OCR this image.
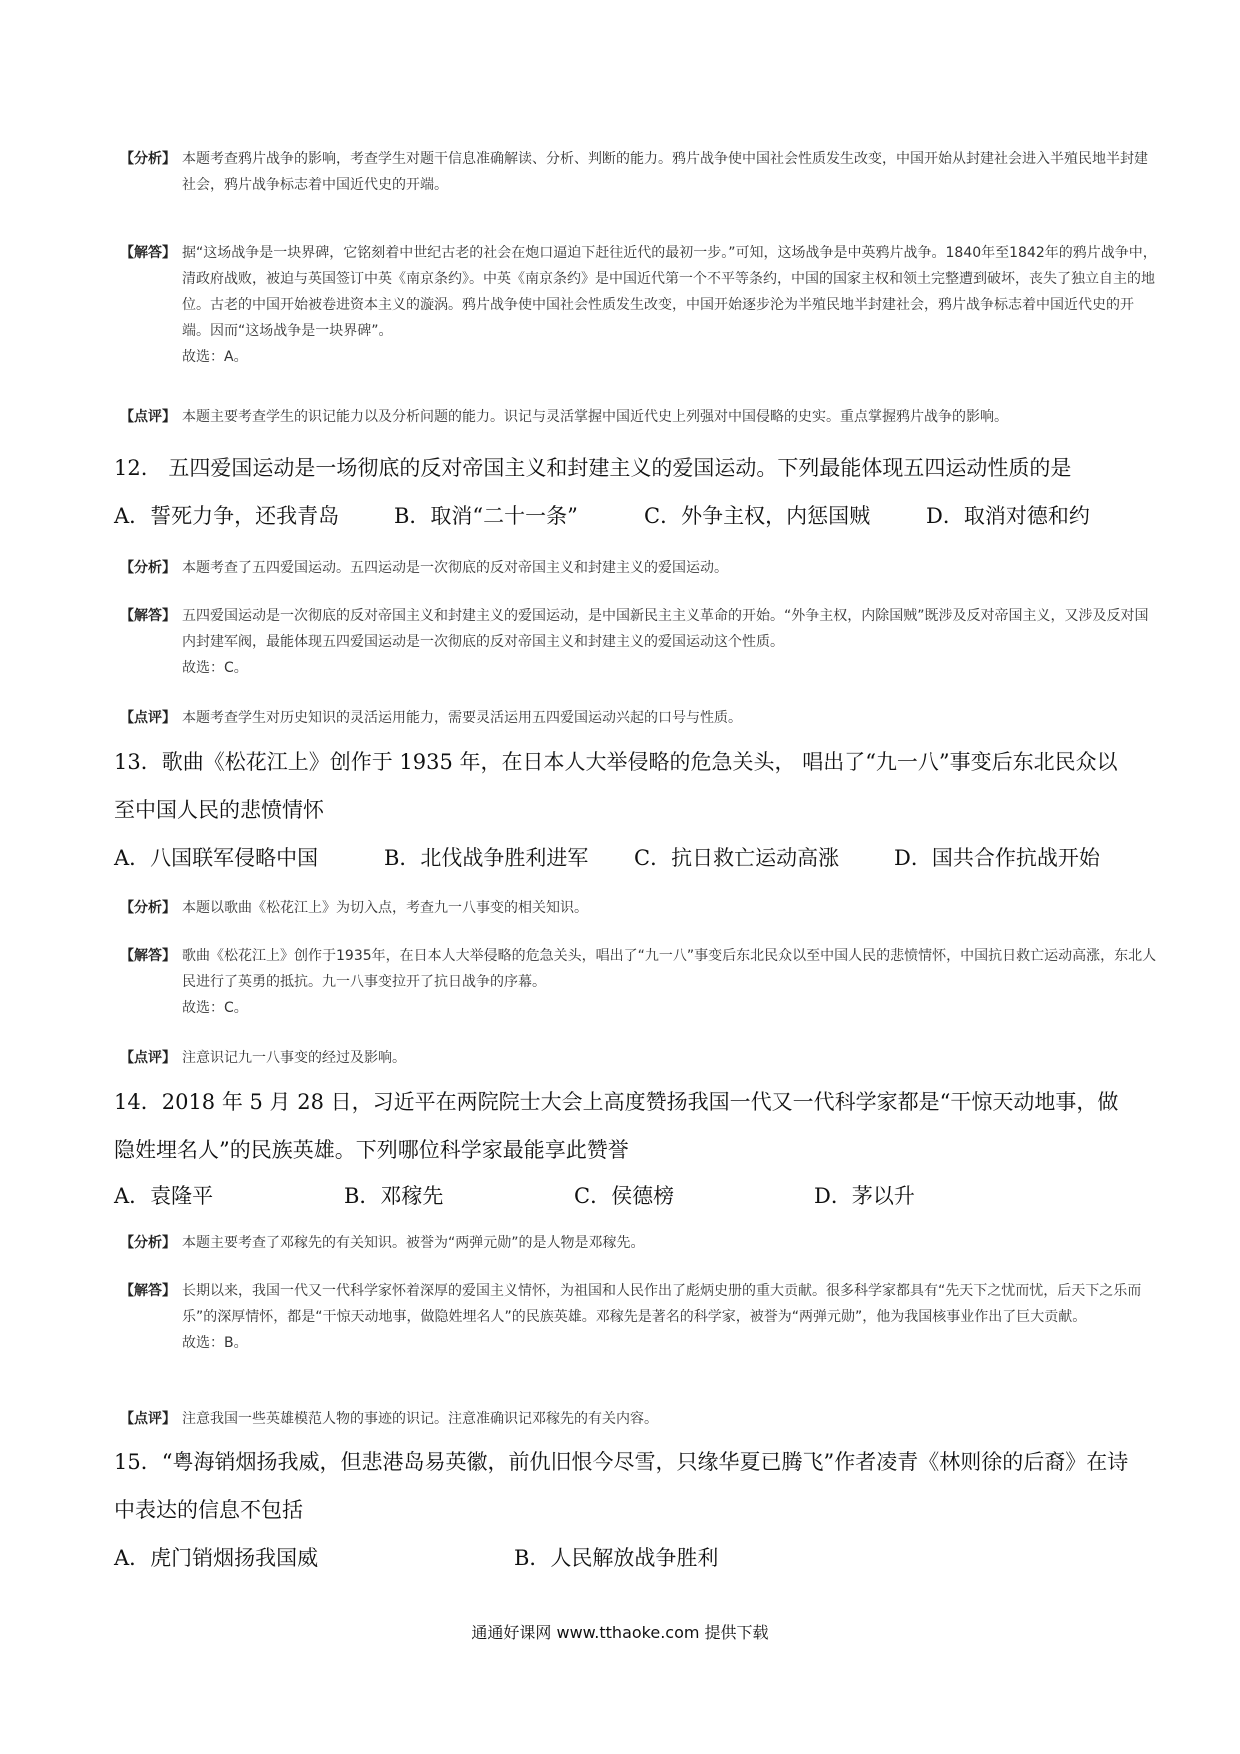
【分析】 本题考查鸦片战争的影响，考查学生对题干信息准确解读、分析、判断的能力。鸦片战争使中国社会性质发生改变，中国开始从封建社会进入半殖民地半封建社会，鸦片战争标志着中国近代史的开端。
【解答】 据“这场战争是一块界碑，它铭刻着中世纪古老的社会在炮口逼迫下赶往近代的最初一步。”可知，这场战争是中英鸦片战争。1840年至1842年的鸦片战争中，清政府战败，被迫与英国签订中英《南京条约》。中英《南京条约》是中国近代第一个不平等条约，中国的国家主权和领土完整遭到破坏，丧失了独立自主的地位。古老的中国开始被卷进资本主义的漩涡。鸦片战争使中国社会性质发生改变，中国开始逐步沦为半殖民地半封建社会，鸦片战争标志着中国近代史的开端。因而“这场战争是一块界碑”。
故选：A。
【点评】 本题主要考查学生的识记能力以及分析问题的能力。识记与灵活掌握中国近代史上列强对中国侵略的史实。重点掌握鸦片战争的影响。
12.　五四爱国运动是一场彻底的反对帝国主义和封建主义的爱国运动。下列最能体现五四运动性质的是
A．誓死力争，还我青岛	B．取消“二十一条”	C．外争主权，内惩国贼	D．取消对德和约
【分析】 本题考查了五四爱国运动。五四运动是一次彻底的反对帝国主义和封建主义的爱国运动。
【解答】 五四爱国运动是一次彻底的反对帝国主义和封建主义的爱国运动，是中国新民主主义革命的开始。“外争主权，内除国贼”既涉及反对帝国主义，又涉及反对国内封建军阀，最能体现五四爱国运动是一次彻底的反对帝国主义和封建主义的爱国运动这个性质。
故选：C。
【点评】 本题考查学生对历史知识的灵活运用能力，需要灵活运用五四爱国运动兴起的口号与性质。
13．歌曲《松花江上》创作于 1935 年，在日本人大举侵略的危急关头， 唱出了“九一八”事变后东北民众以至中国人民的悲愤情怀
A．八国联军侵略中国	B．北伐战争胜利进军 C．抗日救亡运动高涨	D．国共合作抗战开始
【分析】 本题以歌曲《松花江上》为切入点，考查九一八事变的相关知识。
【解答】 歌曲《松花江上》创作于1935年，在日本人大举侵略的危急关头，唱出了“九一八”事变后东北民众以至中国人民的悲愤情怀，中国抗日救亡运动高涨，东北人民进行了英勇的抵抗。九一八事变拉开了抗日战争的序幕。
故选：C。
【点评】 注意识记九一八事变的经过及影响。
14．2018 年 5 月 28 日，习近平在两院院士大会上高度赞扬我国一代又一代科学家都是“干惊天动地事，做隐姓埋名人”的民族英雄。下列哪位科学家最能享此赞誉
A．袁隆平	B．邓稼先	C．侯德榜	D．茅以升
【分析】 本题主要考查了邓稼先的有关知识。被誉为“两弹元勋”的是人物是邓稼先。
【解答】 长期以来，我国一代又一代科学家怀着深厚的爱国主义情怀，为祖国和人民作出了彪炳史册的重大贡献。很多科学家都具有“先天下之忧而忧，后天下之乐而乐”的深厚情怀，都是“干惊天动地事，做隐姓埋名人”的民族英雄。邓稼先是著名的科学家，被誉为“两弹元勋”，他为我国核事业作出了巨大贡献。
故选：B。
【点评】 注意我国一些英雄模范人物的事迹的识记。注意准确识记邓稼先的有关内容。
15．“粤海销烟扬我威，但悲港岛易英徽，前仇旧恨今尽雪，只缘华夏已腾飞”作者凌青《林则徐的后裔》在诗中表达的信息不包括
A．虎门销烟扬我国威	B．人民解放战争胜利
通通好课网 www.tthaoke.com 提供下载
